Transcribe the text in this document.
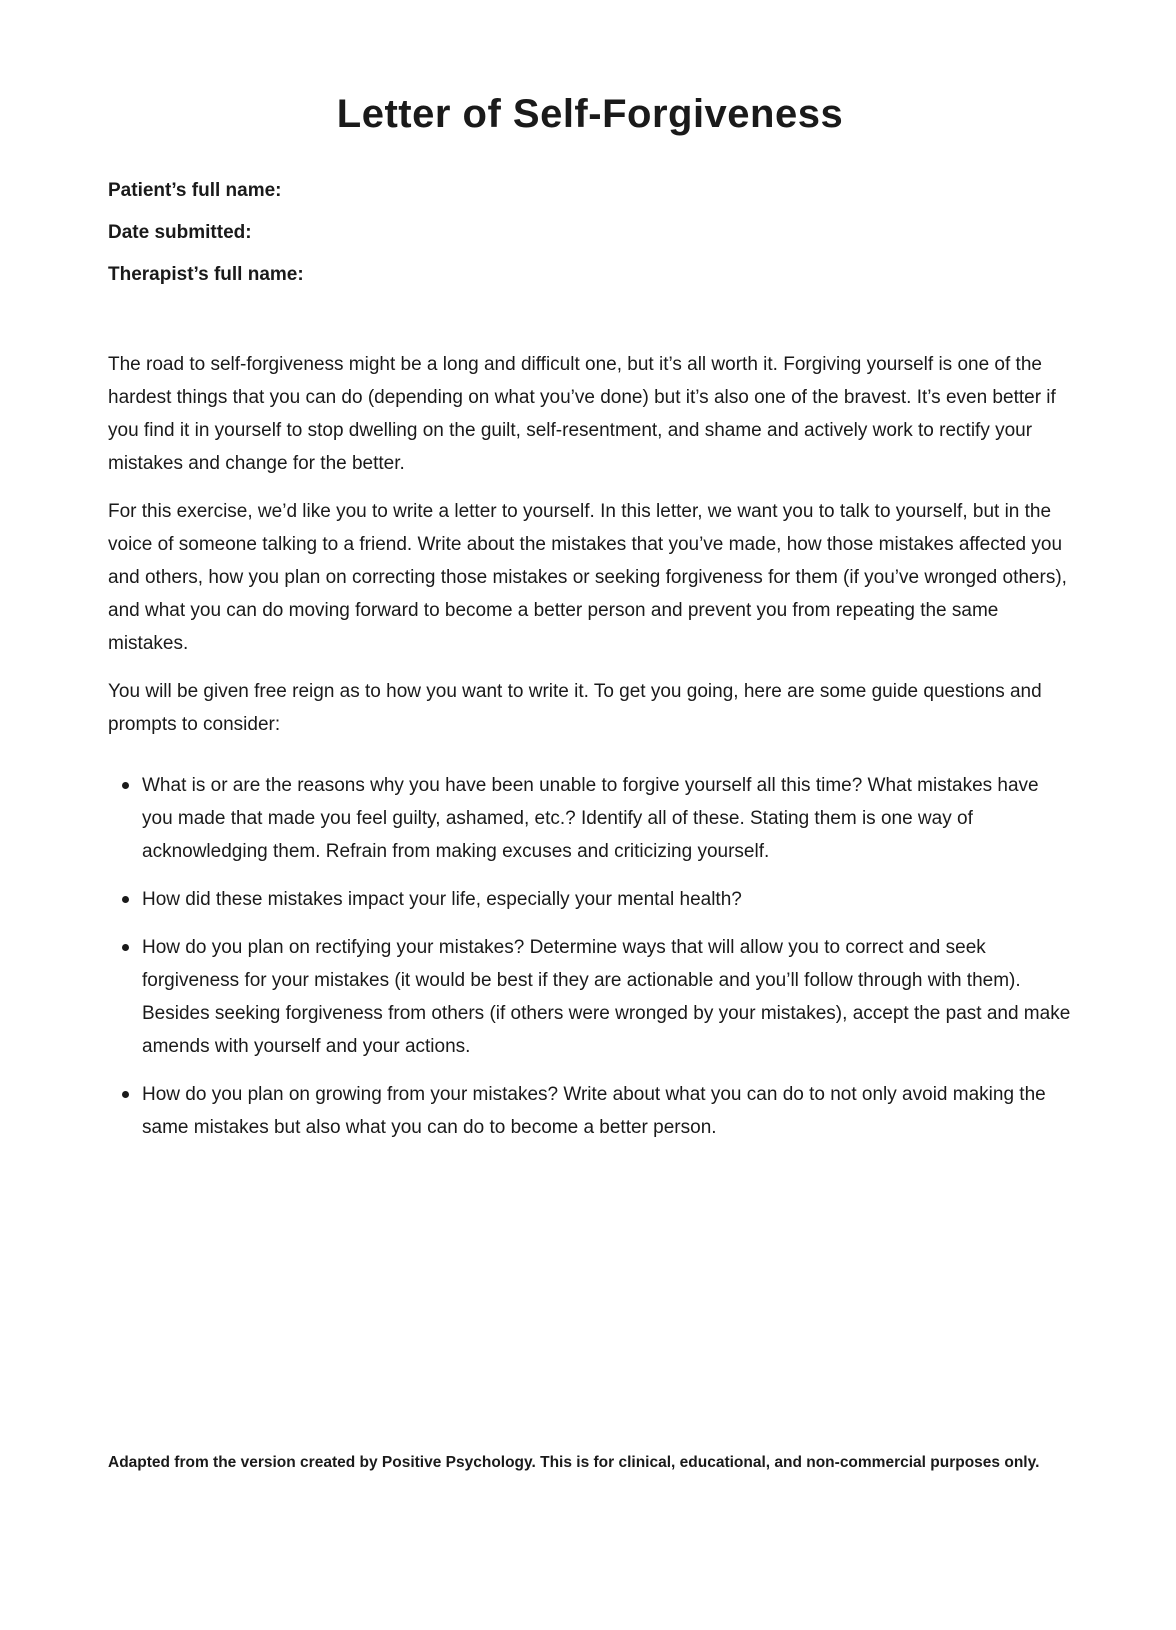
Letter of Self-Forgiveness

Patient’s full name:

Date submitted:

Therapist’s full name:

The road to self-forgiveness might be a long and difficult one, but it’s all worth it. Forgiving yourself is one of the hardest things that you can do (depending on what you’ve done) but it’s also one of the bravest. It’s even better if you find it in yourself to stop dwelling on the guilt, self-resentment, and shame and actively work to rectify your mistakes and change for the better.

For this exercise, we’d like you to write a letter to yourself. In this letter, we want you to talk to yourself, but in the voice of someone talking to a friend. Write about the mistakes that you’ve made, how those mistakes affected you and others, how you plan on correcting those mistakes or seeking forgiveness for them (if you’ve wronged others), and what you can do moving forward to become a better person and prevent you from repeating the same mistakes.

You will be given free reign as to how you want to write it. To get you going, here are some guide questions and prompts to consider:

What is or are the reasons why you have been unable to forgive yourself all this time? What mistakes have you made that made you feel guilty, ashamed, etc.? Identify all of these. Stating them is one way of acknowledging them. Refrain from making excuses and criticizing yourself.
How did these mistakes impact your life, especially your mental health?
How do you plan on rectifying your mistakes? Determine ways that will allow you to correct and seek forgiveness for your mistakes (it would be best if they are actionable and you’ll follow through with them). Besides seeking forgiveness from others (if others were wronged by your mistakes), accept the past and make amends with yourself and your actions.
How do you plan on growing from your mistakes? Write about what you can do to not only avoid making the same mistakes but also what you can do to become a better person.

Adapted from the version created by Positive Psychology. This is for clinical, educational, and non-commercial purposes only.
